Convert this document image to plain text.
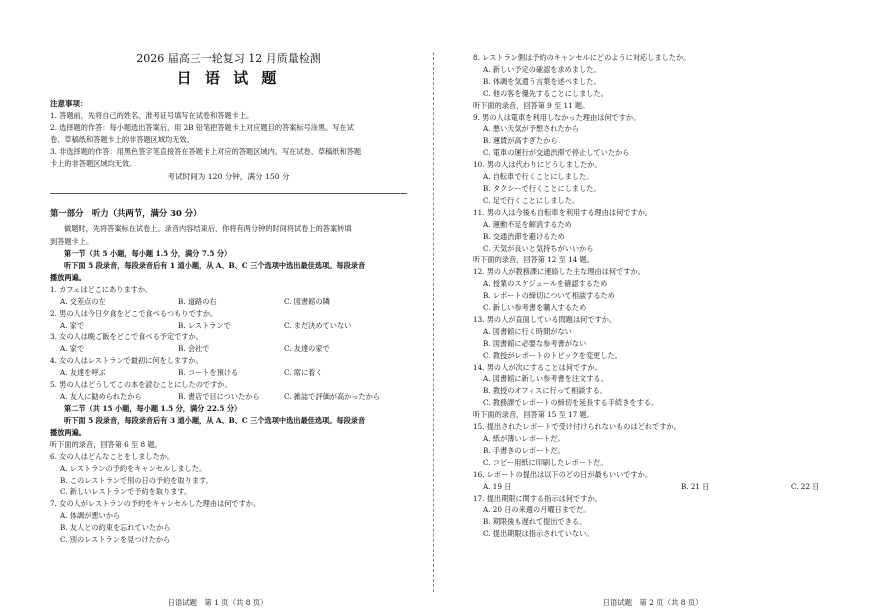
2026 届高三一轮复习 12 月质量检测
日 语 试 题
注意事项：

1. 答题前，先将自己的姓名、准考证号填写在试卷和答题卡上。

2. 选择题的作答：每小题选出答案后，用 2B 铅笔把答题卡上对应题目的答案标号涂黑。写在试

卷、草稿纸和答题卡上的非答题区域均无效。

3. 非选择题的作答：用黑色签字笔直接答在答题卡上对应的答题区域内。写在试卷、草稿纸和答题

卡上的非答题区域均无效。

考试时间为 120 分钟，满分 150 分

第一部分　听力（共两节，满分 30 分）
做题时，先将答案标在试卷上。录音内容结束后，你将有两分钟的时间将试卷上的答案转填
到答题卡上。
第一节（共 5 小题，每小题 1.5 分，满分 7.5 分）
听下面 5 段录音，每段录音后有 1 道小题，从 A、B、C 三个选项中选出最佳选项。每段录音
播放两遍。
1. カフェはどこにありますか。
A. 交差点の左	B. 道路の右	C. 図書館の隣
2. 男の人は今日夕食をどこで食べるつもりですか。
A. 家で	B. レストランで	C. まだ決めていない
3. 女の人は晩ご飯をどこで食べる予定ですか。
A. 家で	B. 会社で	C. 友達の家で
4. 女の人はレストランで最初に何をしますか。
A. 友達を呼ぶ	B. コートを預ける	C. 席に着く
5. 男の人はどうしてこの本を読むことにしたのですか。
A. 友人に勧められたから	B. 書店で目についたから	C. 雑誌で評価が高かったから
第二节（共 15 小题，每小题 1.5 分，满分 22.5 分）
听下面 5 段录音，每段录音后有 3 道小题，从 A、B、C 三个选项中选出最佳选项。每段录音
播放两遍。
听下面的录音，回答第 6 至 8 题。
6. 女の人はどんなことをしましたか。
A. レストランの予約をキャンセルしました。
B. このレストランで別の日の予約を取ります。
C. 新しいレストランで予約を取ります。
7. 女の人がレストランの予約をキャンセルした理由は何ですか。
A. 体調が悪いから
B. 友人との約束を忘れていたから
C. 別のレストランを見つけたから
8. レストラン側は予約のキャンセルにどのように対応しましたか。
A. 新しい予定の確認を求めました。
B. 体調を気遣う言葉を述べました。
C. 他の客を優先することにしました。
听下面的录音，回答第 9 至 11 题。
9. 男の人は電車を利用しなかった理由は何ですか。
A. 悪い天気が予想されたから
B. 運賃が高すぎたから
C. 電車の運行が交通渋滞で停止していたから
10. 男の人は代わりにどうしましたか。
A. 自転車で行くことにしました。
B. タクシーで行くことにしました。
C. 足で行くことにしました。
11. 男の人は今後も自転車を利用する理由は何ですか。
A. 運動不足を解消するため
B. 交通渋滞を避けるため
C. 天気が良いと気持ちがいいから
听下面的录音，回答第 12 至 14 题。
12. 男の人が教務課に連絡した主な理由は何ですか。
A. 授業のスケジュールを確認するため
B. レポートの締切について相談するため
C. 新しい参考書を購入するため
13. 男の人が直面している問題は何ですか。
A. 図書館に行く時間がない
B. 図書館に必要な参考書がない
C. 教授がレポートのトピックを変更した。
14. 男の人が次にすることは何ですか。
A. 図書館に新しい参考書を注文する。
B. 教授のオフィスに行って相談する。
C. 教務課でレポートの締切を延長する手続きをする。
听下面的录音，回答第 15 至 17 题。
15. 提出されたレポートで受け付けられないものはどれですか。
A. 紙が薄いレポートだ。
B. 手書きのレポートだ。
C. コピー用紙に印刷したレポートだ。
16. レポートの提出は以下のどの日が最もいいですか。
A. 19 日	B. 21 日	C. 22 日
17. 提出期限に関する指示は何ですか。
A. 20 日の来週の月曜日までだ。
B. 期限後も遅れて提出できる。
C. 提出期限は指示されていない。
日语试题　第 1 页（共 8 页）	日语试题　第 2 页（共 8 页）
